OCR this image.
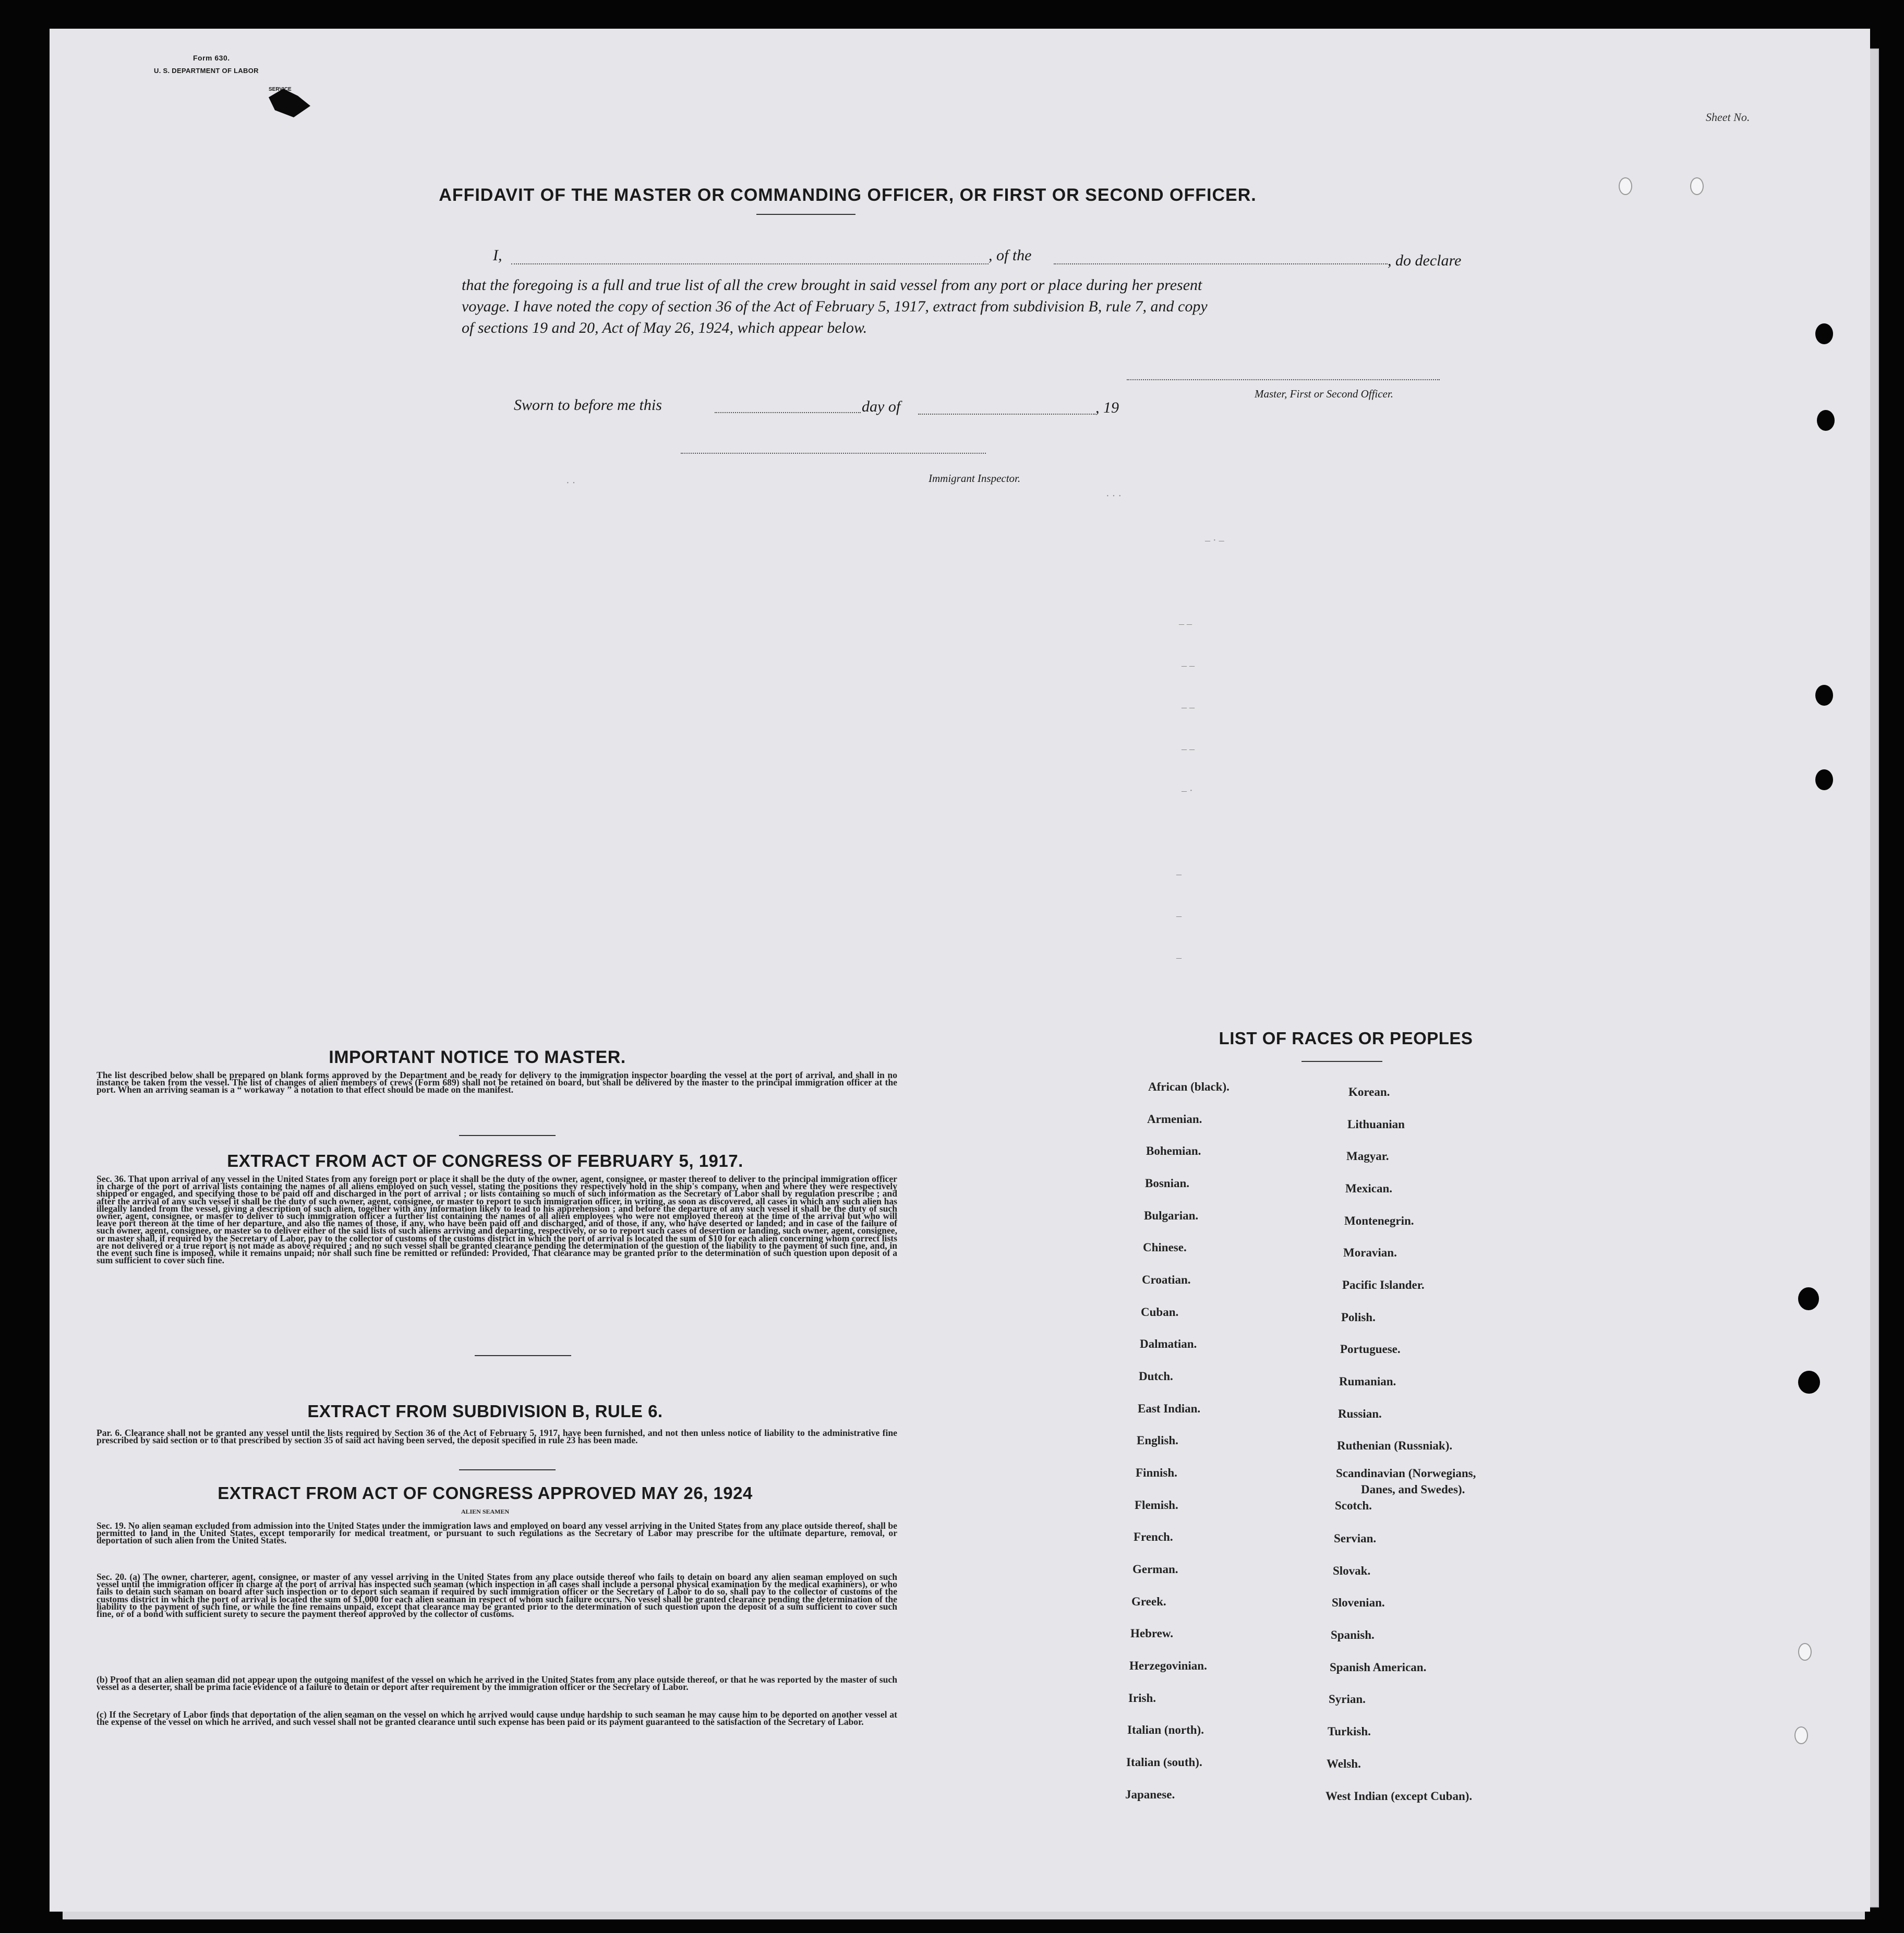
Form 630.
U. S. DEPARTMENT OF LABOR
SERVICE
Sheet No.
AFFIDAVIT OF THE MASTER OR COMMANDING OFFICER, OR FIRST OR SECOND OFFICER.
I,	, of the	, do declare
that the foregoing is a full and true list of all the crew brought in said vessel from any port or place during her present
voyage. I have noted the copy of section 36 of the Act of February 5, 1917, extract from subdivision B, rule 7, and copy
of sections 19 and 20, Act of May 26, 1924, which appear below.
Master, First or Second Officer.
Sworn to before me this	day of	, 19
Immigrant Inspector.
· ·
· · ·
– · –
– –
– –
– –
– –
– ·
–
–
–
IMPORTANT NOTICE TO MASTER.
The list described below shall be prepared on blank forms approved by the Department and be ready for delivery to the immigration inspector boarding the vessel at the port of arrival, and shall in no instance be taken from the vessel. The list of changes of alien members of crews (Form 689) shall not be retained on board, but shall be delivered by the master to the principal immigration officer at the port. When an arriving seaman is a “ workaway ” a notation to that effect should be made on the manifest.
EXTRACT FROM ACT OF CONGRESS OF FEBRUARY 5, 1917.
Sec. 36. That upon arrival of any vessel in the United States from any foreign port or place it shall be the duty of the owner, agent, consignee, or master thereof to deliver to the principal immigration officer in charge of the port of arrival lists containing the names of all aliens employed on such vessel, stating the positions they respectively hold in the ship's company, when and where they were respectively shipped or engaged, and specifying those to be paid off and discharged in the port of arrival ; or lists containing so much of such information as the Secretary of Labor shall by regulation prescribe ; and after the arrival of any such vessel it shall be the duty of such owner, agent, consignee, or master to report to such immigration officer, in writing, as soon as discovered, all cases in which any such alien has illegally landed from the vessel, giving a description of such alien, together with any information likely to lead to his apprehension ; and before the departure of any such vessel it shall be the duty of such owner, agent, consignee, or master to deliver to such immigration officer a further list containing the names of all alien employees who were not employed thereon at the time of the arrival but who will leave port thereon at the time of her departure, and also the names of those, if any, who have been paid off and discharged, and of those, if any, who have deserted or landed; and in case of the failure of such owner, agent, consignee, or master so to deliver either of the said lists of such aliens arriving and departing, respectively, or so to report such cases of desertion or landing, such owner, agent, consignee, or master shall, if required by the Secretary of Labor, pay to the collector of customs of the customs district in which the port of arrival is located the sum of $10 for each alien concerning whom correct lists are not delivered or a true report is not made as above required ; and no such vessel shall be granted clearance pending the determination of the question of the liability to the payment of such fine, and, in the event such fine is imposed, while it remains unpaid; nor shall such fine be remitted or refunded: Provided, That clearance may be granted prior to the determination of such question upon deposit of a sum sufficient to cover such fine.
EXTRACT FROM SUBDIVISION B, RULE 6.
Par. 6. Clearance shall not be granted any vessel until the lists required by Section 36 of the Act of February 5, 1917, have been furnished, and not then unless notice of liability to the administrative fine prescribed by said section or to that prescribed by section 35 of said act having been served, the deposit specified in rule 23 has been made.
EXTRACT FROM ACT OF CONGRESS APPROVED MAY 26, 1924
ALIEN SEAMEN
Sec. 19. No alien seaman excluded from admission into the United States under the immigration laws and employed on board any vessel arriving in the United States from any place outside thereof, shall be permitted to land in the United States, except temporarily for medical treatment, or pursuant to such regulations as the Secretary of Labor may prescribe for the ultimate departure, removal, or deportation of such alien from the United States.
Sec. 20. (a) The owner, charterer, agent, consignee, or master of any vessel arriving in the United States from any place outside thereof who fails to detain on board any alien seaman employed on such vessel until the immigration officer in charge at the port of arrival has inspected such seaman (which inspection in all cases shall include a personal physical examination by the medical examiners), or who fails to detain such seaman on board after such inspection or to deport such seaman if required by such immigration officer or the Secretary of Labor to do so, shall pay to the collector of customs of the customs district in which the port of arrival is located the sum of $1,000 for each alien seaman in respect of whom such failure occurs. No vessel shall be granted clearance pending the determination of the liability to the payment of such fine, or while the fine remains unpaid, except that clearance may be granted prior to the determination of such question upon the deposit of a sum sufficient to cover such fine, or of a bond with sufficient surety to secure the payment thereof approved by the collector of customs.
(b) Proof that an alien seaman did not appear upon the outgoing manifest of the vessel on which he arrived in the United States from any place outside thereof, or that he was reported by the master of such vessel as a deserter, shall be prima facie evidence of a failure to detain or deport after requirement by the immigration officer or the Secretary of Labor.
(c) If the Secretary of Labor finds that deportation of the alien seaman on the vessel on which he arrived would cause undue hardship to such seaman he may cause him to be deported on another vessel at the expense of the vessel on which he arrived, and such vessel shall not be granted clearance until such expense has been paid or its payment guaranteed to the satisfaction of the Secretary of Labor.
LIST OF RACES OR PEOPLES
African (black).
Armenian.
Bohemian.
Bosnian.
Bulgarian.
Chinese.
Croatian.
Cuban.
Dalmatian.
Dutch.
East Indian.
English.
Finnish.
Flemish.
French.
German.
Greek.
Hebrew.
Herzegovinian.
Irish.
Italian (north).
Italian (south).
Japanese.
Korean.
Lithuanian
Magyar.
Mexican.
Montenegrin.
Moravian.
Pacific Islander.
Polish.
Portuguese.
Rumanian.
Russian.
Ruthenian (Russniak).
Scandinavian (Norwegians,
Danes, and Swedes).
Scotch.
Servian.
Slovak.
Slovenian.
Spanish.
Spanish American.
Syrian.
Turkish.
Welsh.
West Indian (except Cuban).
